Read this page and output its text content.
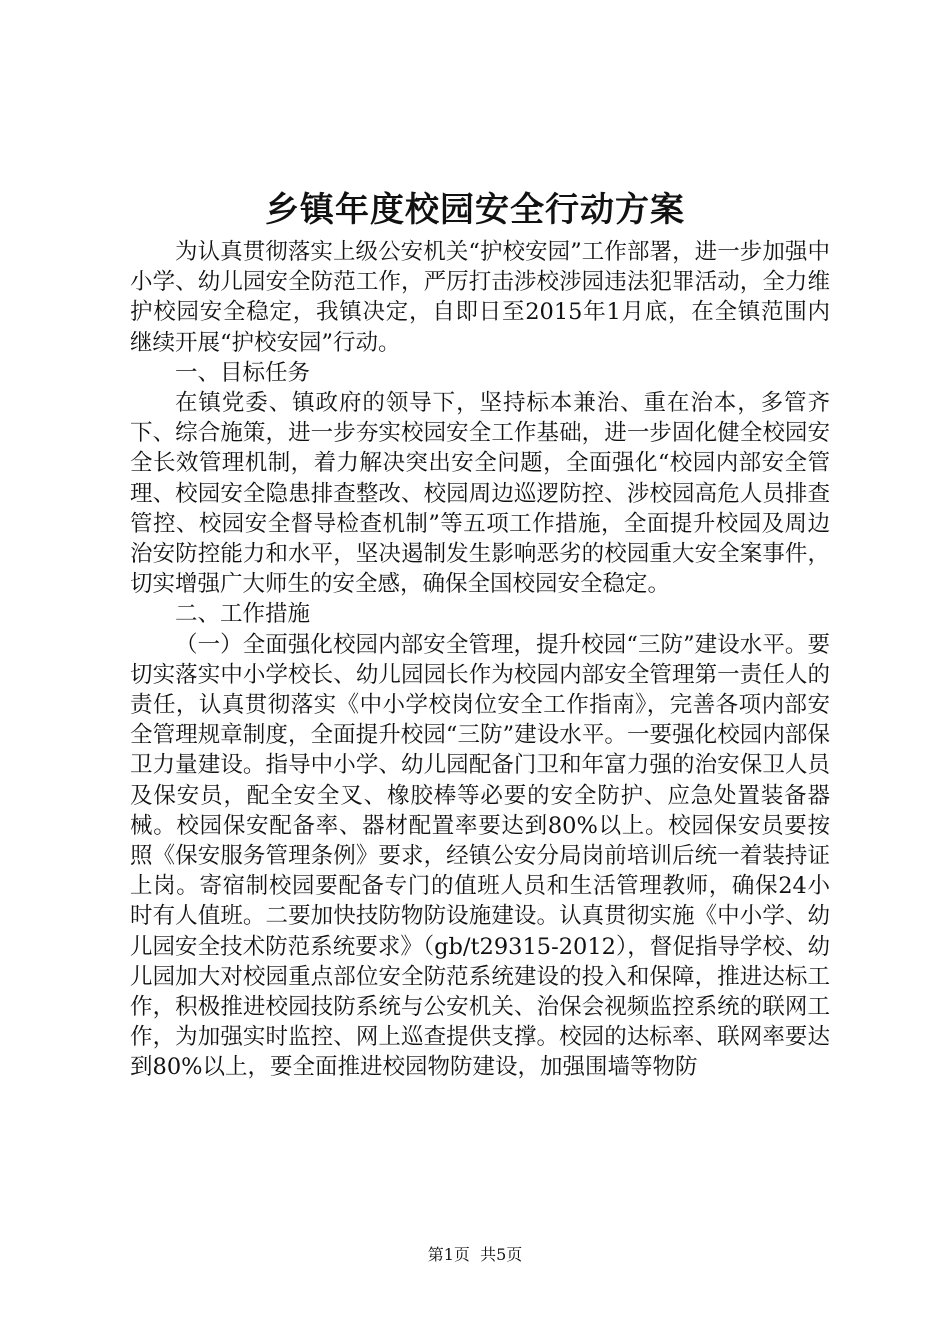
乡镇年度校园安全行动方案

为认真贯彻落实上级公安机关“护校安园”工作部署，进一步加强中小学、幼儿园安全防范工作，严厉打击涉校涉园违法犯罪活动，全力维护校园安全稳定，我镇决定，自即日至2015年1月底，在全镇范围内继续开展“护校安园”行动。

一、目标任务

在镇党委、镇政府的领导下，坚持标本兼治、重在治本，多管齐下、综合施策，进一步夯实校园安全工作基础，进一步固化健全校园安全长效管理机制，着力解决突出安全问题，全面强化“校园内部安全管理、校园安全隐患排查整改、校园周边巡逻防控、涉校园高危人员排查管控、校园安全督导检查机制”等五项工作措施，全面提升校园及周边治安防控能力和水平，坚决遏制发生影响恶劣的校园重大安全案事件，切实增强广大师生的安全感，确保全国校园安全稳定。

二、工作措施

（一）全面强化校园内部安全管理，提升校园“三防”建设水平。要切实落实中小学校长、幼儿园园长作为校园内部安全管理第一责任人的责任，认真贯彻落实《中小学校岗位安全工作指南》，完善各项内部安全管理规章制度，全面提升校园“三防”建设水平。一要强化校园内部保卫力量建设。指导中小学、幼儿园配备门卫和年富力强的治安保卫人员及保安员，配全安全叉、橡胶棒等必要的安全防护、应急处置装备器械。校园保安配备率、器材配置率要达到80%以上。校园保安员要按照《保安服务管理条例》要求，经镇公安分局岗前培训后统一着装持证上岗。寄宿制校园要配备专门的值班人员和生活管理教师，确保24小时有人值班。二要加快技防物防设施建设。认真贯彻实施《中小学、幼儿园安全技术防范系统要求》（gb/t29315-2012），督促指导学校、幼儿园加大对校园重点部位安全防范系统建设的投入和保障，推进达标工作，积极推进校园技防系统与公安机关、治保会视频监控系统的联网工作，为加强实时监控、网上巡查提供支撑。校园的达标率、联网率要达到80%以上，要全面推进校园物防建设，加强围墙等物防

第1页  共5页
